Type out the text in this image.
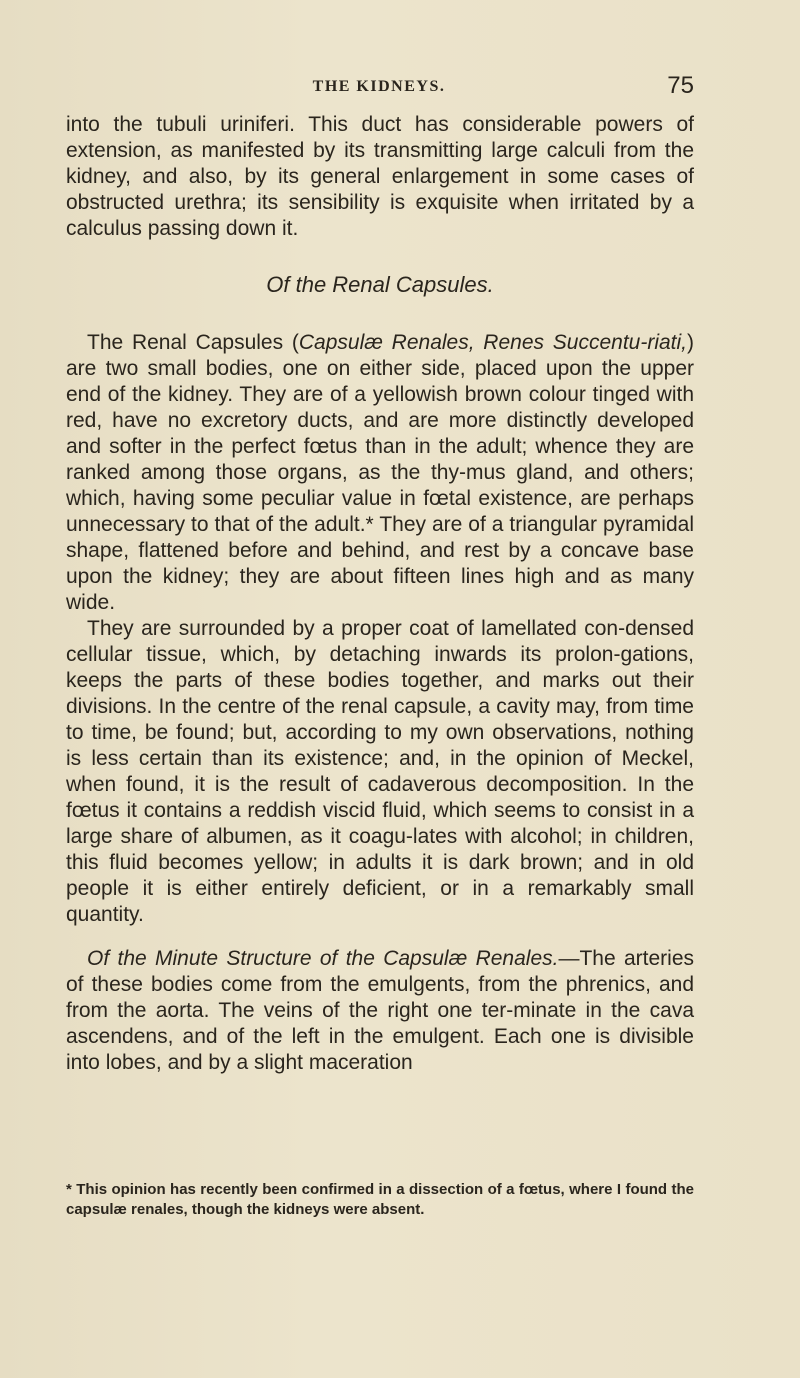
THE KIDNEYS.	75

into the tubuli uriniferi. This duct has considerable powers of extension, as manifested by its transmitting large calculi from the kidney, and also, by its general enlargement in some cases of obstructed urethra; its sensibility is exquisite when irritated by a calculus passing down it.

Of the Renal Capsules.

 The Renal Capsules (Capsulæ Renales, Renes Succentu-riati,) are two small bodies, one on either side, placed upon the upper end of the kidney. They are of a yellowish brown colour tinged with red, have no excretory ducts, and are more distinctly developed and softer in the perfect fœtus than in the adult; whence they are ranked among those organs, as the thy-mus gland, and others; which, having some peculiar value in fœtal existence, are perhaps unnecessary to that of the adult.* They are of a triangular pyramidal shape, flattened before and behind, and rest by a concave base upon the kidney; they are about fifteen lines high and as many wide.

 They are surrounded by a proper coat of lamellated con-densed cellular tissue, which, by detaching inwards its prolon-gations, keeps the parts of these bodies together, and marks out their divisions. In the centre of the renal capsule, a cavity may, from time to time, be found; but, according to my own observations, nothing is less certain than its existence; and, in the opinion of Meckel, when found, it is the result of cadaverous decomposition. In the fœtus it contains a reddish viscid fluid, which seems to consist in a large share of albumen, as it coagu-lates with alcohol; in children, this fluid becomes yellow; in adults it is dark brown; and in old people it is either entirely deficient, or in a remarkably small quantity.

 Of the Minute Structure of the Capsulæ Renales.—The arteries of these bodies come from the emulgents, from the phrenics, and from the aorta. The veins of the right one ter-minate in the cava ascendens, and of the left in the emulgent. Each one is divisible into lobes, and by a slight maceration

* This opinion has recently been confirmed in a dissection of a fœtus, where I found the capsulæ renales, though the kidneys were absent.
